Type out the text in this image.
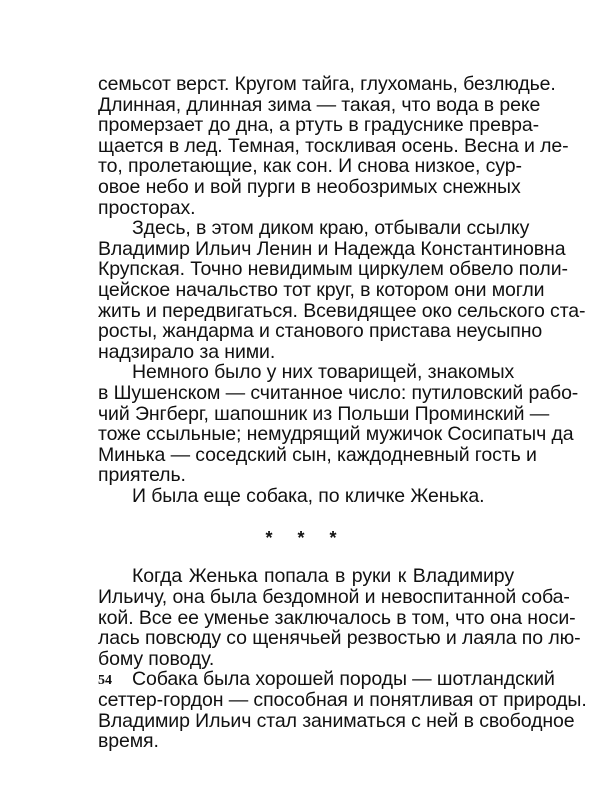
семьсот верст. Кругом тайга, глухомань, безлюдье.

Длинная, длинная зима — такая, что вода в реке

промерзает до дна, а ртуть в градуснике превра-

щается в лед. Темная, тоскливая осень. Весна и ле-

то, пролетающие, как сон. И снова низкое, сур-

овое небо и вой пурги в необозримых снежных

просторах.

Здесь, в этом диком краю, отбывали ссылку

Владимир Ильич Ленин и Надежда Константиновна

Крупская. Точно невидимым циркулем обвело поли-

цейское начальство тот круг, в котором они могли

жить и передвигаться. Всевидящее око сельского ста-

росты, жандарма и станового пристава неусыпно

надзирало за ними.

Немного было у них товарищей, знакомых

в Шушенском — считанное число: путиловский рабо-

чий Энгберг, шапошник из Польши Проминский —

тоже ссыльные; немудрящий мужичок Сосипатыч да

Минька — соседский сын, каждодневный гость и

приятель.

И была еще собака, по кличке Женька.

* * *

Когда Женька попала в руки к Владимиру

Ильичу, она была бездомной и невоспитанной соба-

кой. Все ее уменье заключалось в том, что она носи-

лась повсюду со щенячьей резвостью и лаяла по лю-

бому поводу.

Собака была хорошей породы — шотландский

сеттер-гордон — способная и понятливая от природы.

Владимир Ильич стал заниматься с ней в свободное

время.

54
